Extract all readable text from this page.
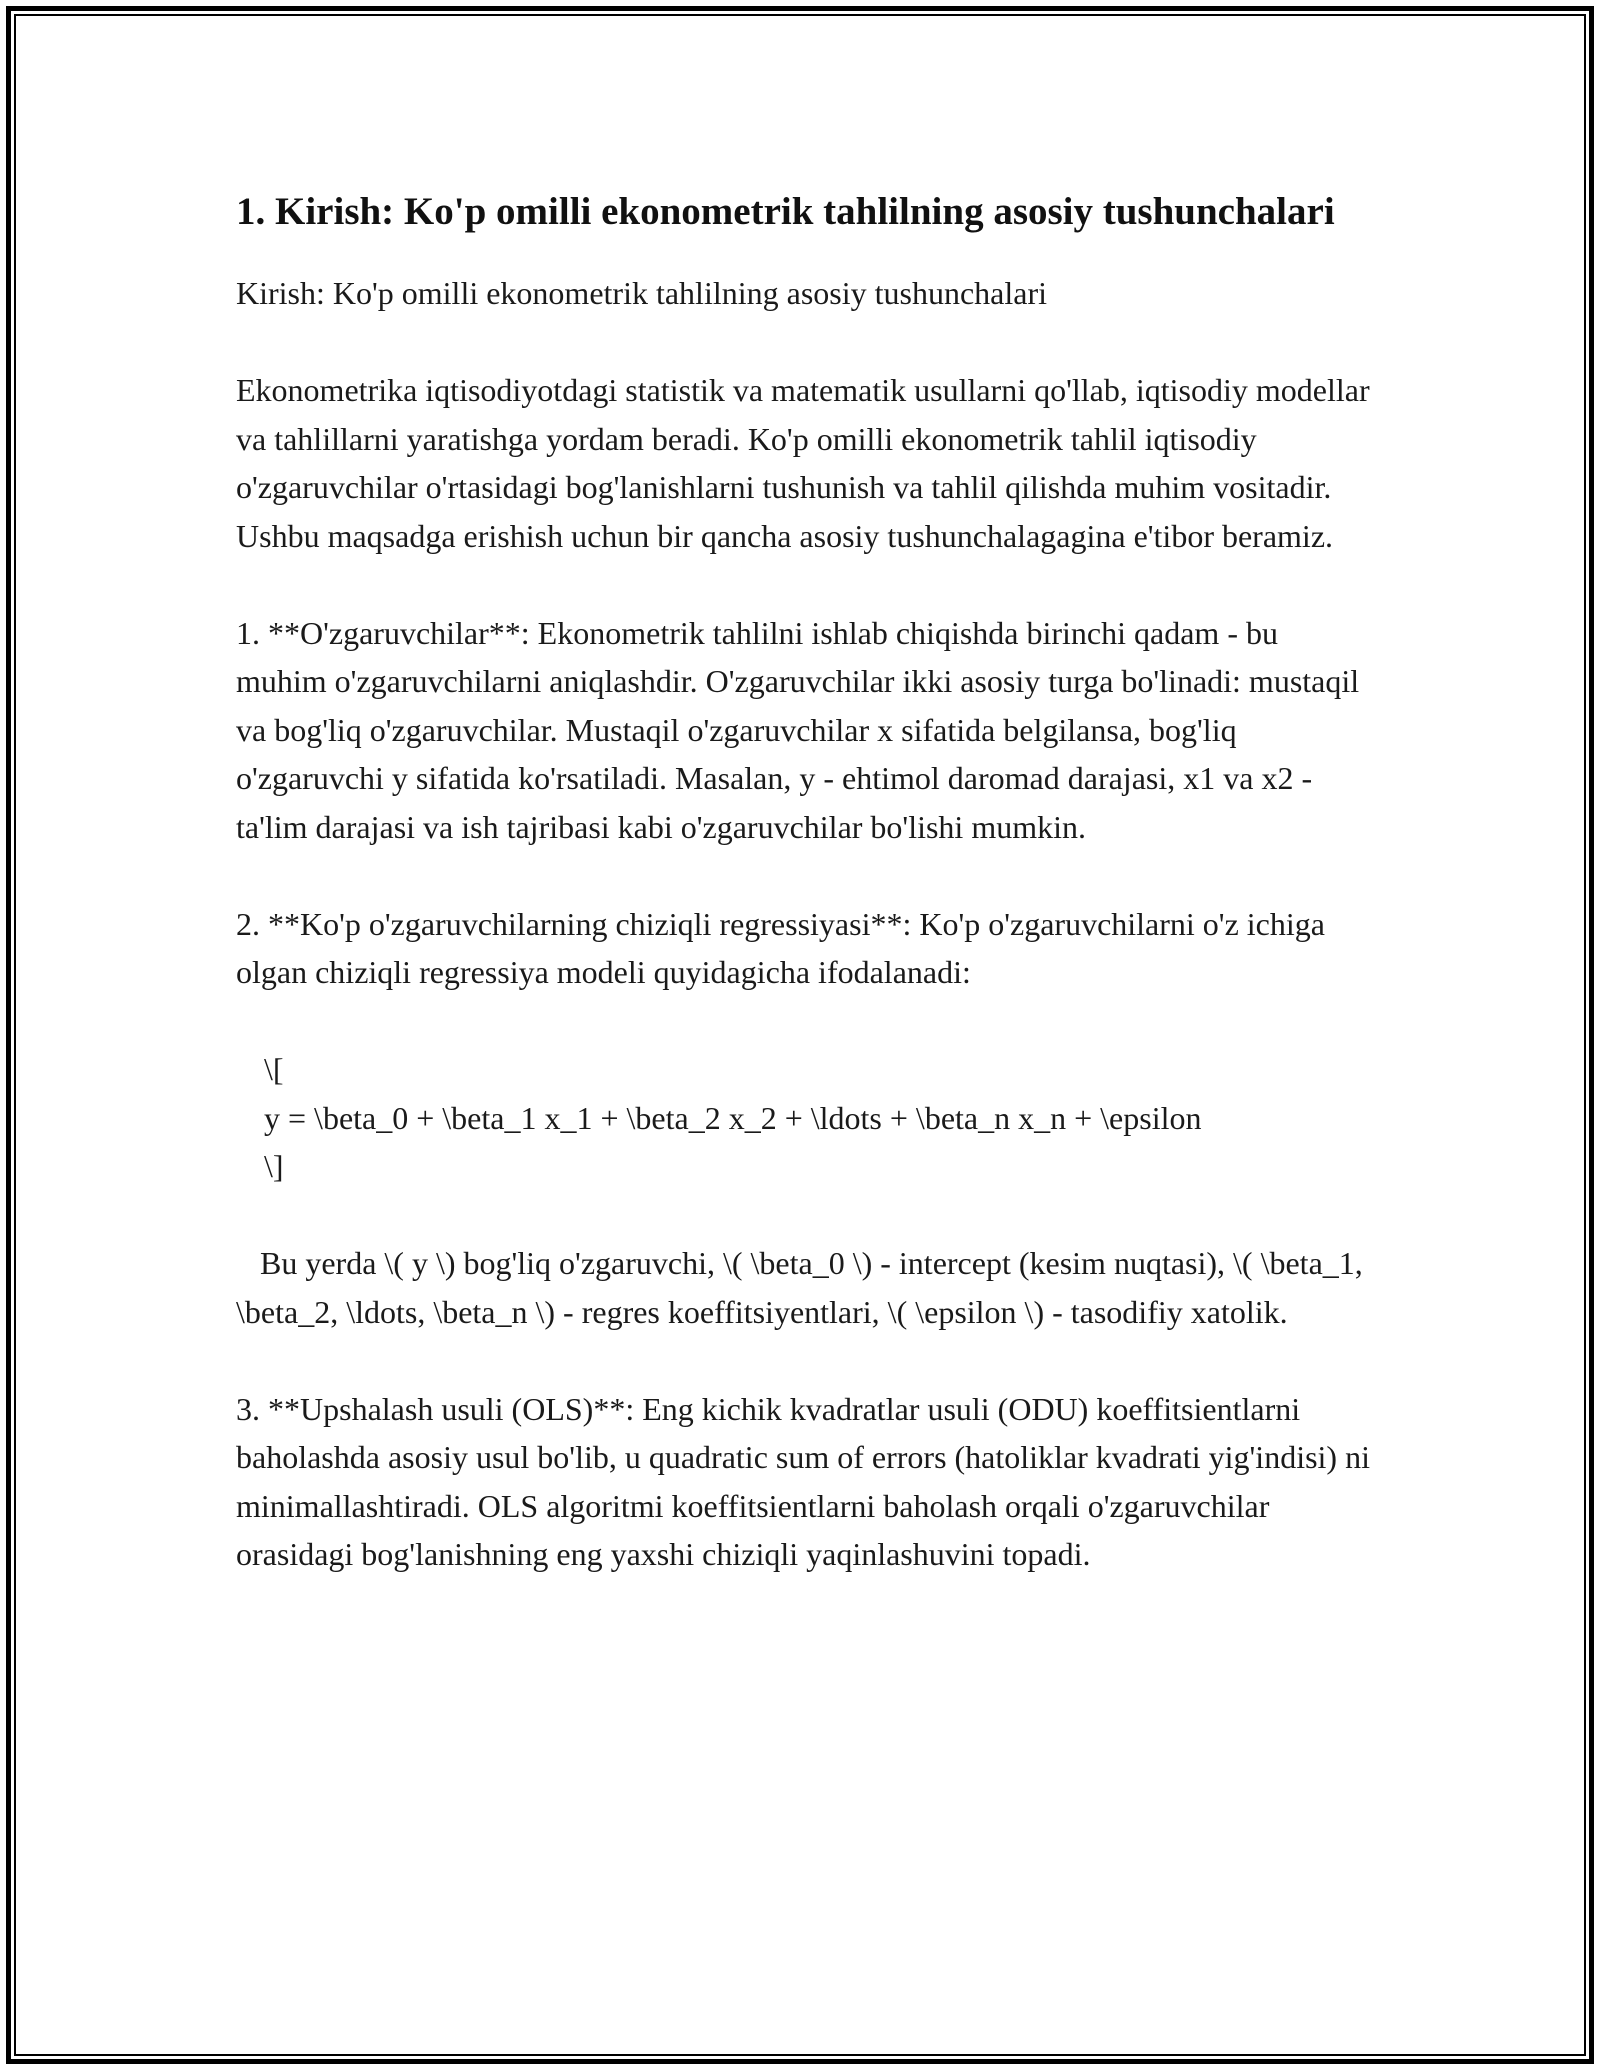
1. Kirish: Ko'p omilli ekonometrik tahlilning asosiy tushunchalari

Kirish: Ko'p omilli ekonometrik tahlilning asosiy tushunchalari

Ekonometrika iqtisodiyotdagi statistik va matematik usullarni qo'llab, iqtisodiy modellar va tahlillarni yaratishga yordam beradi. Ko'p omilli ekonometrik tahlil iqtisodiy o'zgaruvchilar o'rtasidagi bog'lanishlarni tushunish va tahlil qilishda muhim vositadir. Ushbu maqsadga erishish uchun bir qancha asosiy tushunchalagagina e'tibor beramiz.

1. **O'zgaruvchilar**: Ekonometrik tahlilni ishlab chiqishda birinchi qadam - bu muhim o'zgaruvchilarni aniqlashdir. O'zgaruvchilar ikki asosiy turga bo'linadi: mustaqil va bog'liq o'zgaruvchilar. Mustaqil o'zgaruvchilar x sifatida belgilansa, bog'liq o'zgaruvchi y sifatida ko'rsatiladi. Masalan, y - ehtimol daromad darajasi, x1 va x2 - ta'lim darajasi va ish tajribasi kabi o'zgaruvchilar bo'lishi mumkin.

2. **Ko'p o'zgaruvchilarning chiziqli regressiyasi**: Ko'p o'zgaruvchilarni o'z ichiga olgan chiziqli regressiya modeli quyidagicha ifodalanadi:

\[

y = \beta_0 + \beta_1 x_1 + \beta_2 x_2 + \ldots + \beta_n x_n + \epsilon

\]

Bu yerda \( y \) bog'liq o'zgaruvchi, \( \beta_0 \) - intercept (kesim nuqtasi), \( \beta_1, \beta_2, \ldots, \beta_n \) - regres koeffitsiyentlari, \( \epsilon \) - tasodifiy xatolik.

3. **Upshalash usuli (OLS)**: Eng kichik kvadratlar usuli (ODU) koeffitsientlarni baholashda asosiy usul bo'lib, u quadratic sum of errors (hatoliklar kvadrati yig'indisi) ni minimallashtiradi. OLS algoritmi koeffitsientlarni baholash orqali o'zgaruvchilar orasidagi bog'lanishning eng yaxshi chiziqli yaqinlashuvini topadi.
